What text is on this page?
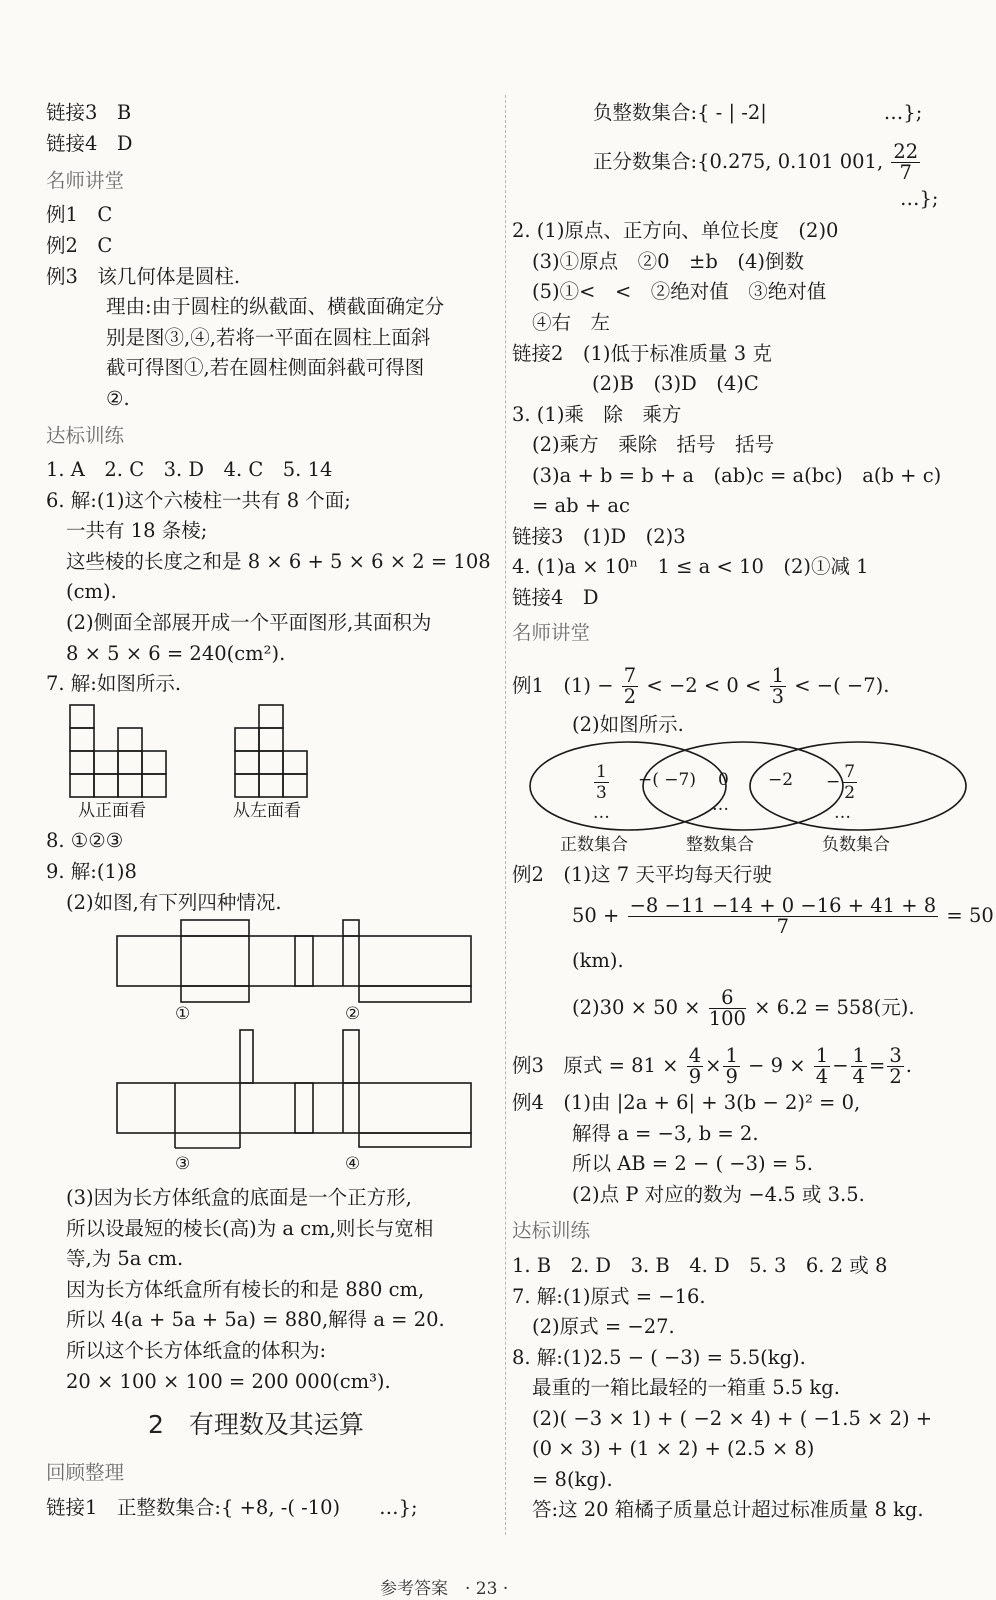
链接3　B
链接4　D
名师讲堂
例1　C
例2　C
例3　该几何体是圆柱.
理由:由于圆柱的纵截面、横截面确定分
别是图③,④,若将一平面在圆柱上面斜
截可得图①,若在圆柱侧面斜截可得图
②.
达标训练
1. A　2. C　3. D　4. C　5. 14
6. 解:(1)这个六棱柱一共有 8 个面;
一共有 18 条棱;
这些棱的长度之和是 8 × 6 + 5 × 6 × 2 = 108
(cm).
(2)侧面全部展开成一个平面图形,其面积为
8 × 5 × 6 = 240(cm²).
7. 解:如图所示.
从正面看	从左面看
8. ①②③
9. 解:(1)8
(2)如图,有下列四种情况.
①	②
③	④
(3)因为长方体纸盒的底面是一个正方形,
所以设最短的棱长(高)为 a cm,则长与宽相
等,为 5a cm.
因为长方体纸盒所有棱长的和是 880 cm,
所以 4(a + 5a + 5a) = 880,解得 a = 20.
所以这个长方体纸盒的体积为:
20 × 100 × 100 = 200 000(cm³).
2　有理数及其运算
回顾整理
链接1　正整数集合:{ +8, -( -10)　　…};
负整数集合:{ - | -2|　　　　　　…};
正分数集合:{0.275, 0.101 001, $\frac{22}{7}$
…};
2. (1)原点、正方向、单位长度　(2)0
(3)①原点　②0　±b　(4)倒数
(5)①<　<　②绝对值　③绝对值
④右　左
链接2　(1)低于标准质量 3 克
(2)B　(3)D　(4)C
3. (1)乘　除　乘方
(2)乘方　乘除　括号　括号
(3)a + b = b + a　(ab)c = a(bc)　a(b + c)
= ab + ac
链接3　(1)D　(2)3
4. (1)a × 10ⁿ　1 ≤ a < 10　(2)①减 1
链接4　D
名师讲堂
例1　$(1) - \frac{7}{2} < -2 < 0 < \frac{1}{3}$ < −( −7).
(2)如图所示.
$\frac{1}{3}$

…
−( −7) 0
…
$-2 - \frac{7}{2}$

…
正数集合	整数集合	负数集合
例2　(1)这 7 天平均每天行驶
$50 + \frac{-8 -11 -14 + 0 -16 + 41 + 8}{7} = 50$
(km).
$(2)30 \times 50 \times \frac{6}{100} \times 6.2 = 558$(元).
例3　原式 = $81 \times \frac{4}{9} \times \frac{1}{9} - 9 \times \frac{1}{4} - \frac{1}{4} = \frac{3}{2}$ .
例4　(1)由 |2a + 6| + 3(b − 2)² = 0,
解得 a = −3, b = 2.
所以 AB = 2 − ( −3) = 5.
(2)点 P 对应的数为 −4.5 或 3.5.
达标训练
1. B　2. D　3. B　4. D　5. 3　6. 2 或 8
7. 解:(1)原式 = −16.
(2)原式 = −27.
8. 解:(1)2.5 − ( −3) = 5.5(kg).
最重的一箱比最轻的一箱重 5.5 kg.
(2)( −3 × 1) + ( −2 × 4) + ( −1.5 × 2) +
(0 × 3) + (1 × 2) + (2.5 × 8)
= 8(kg).
答:这 20 箱橘子质量总计超过标准质量 8 kg.
参考答案　· 23 ·
